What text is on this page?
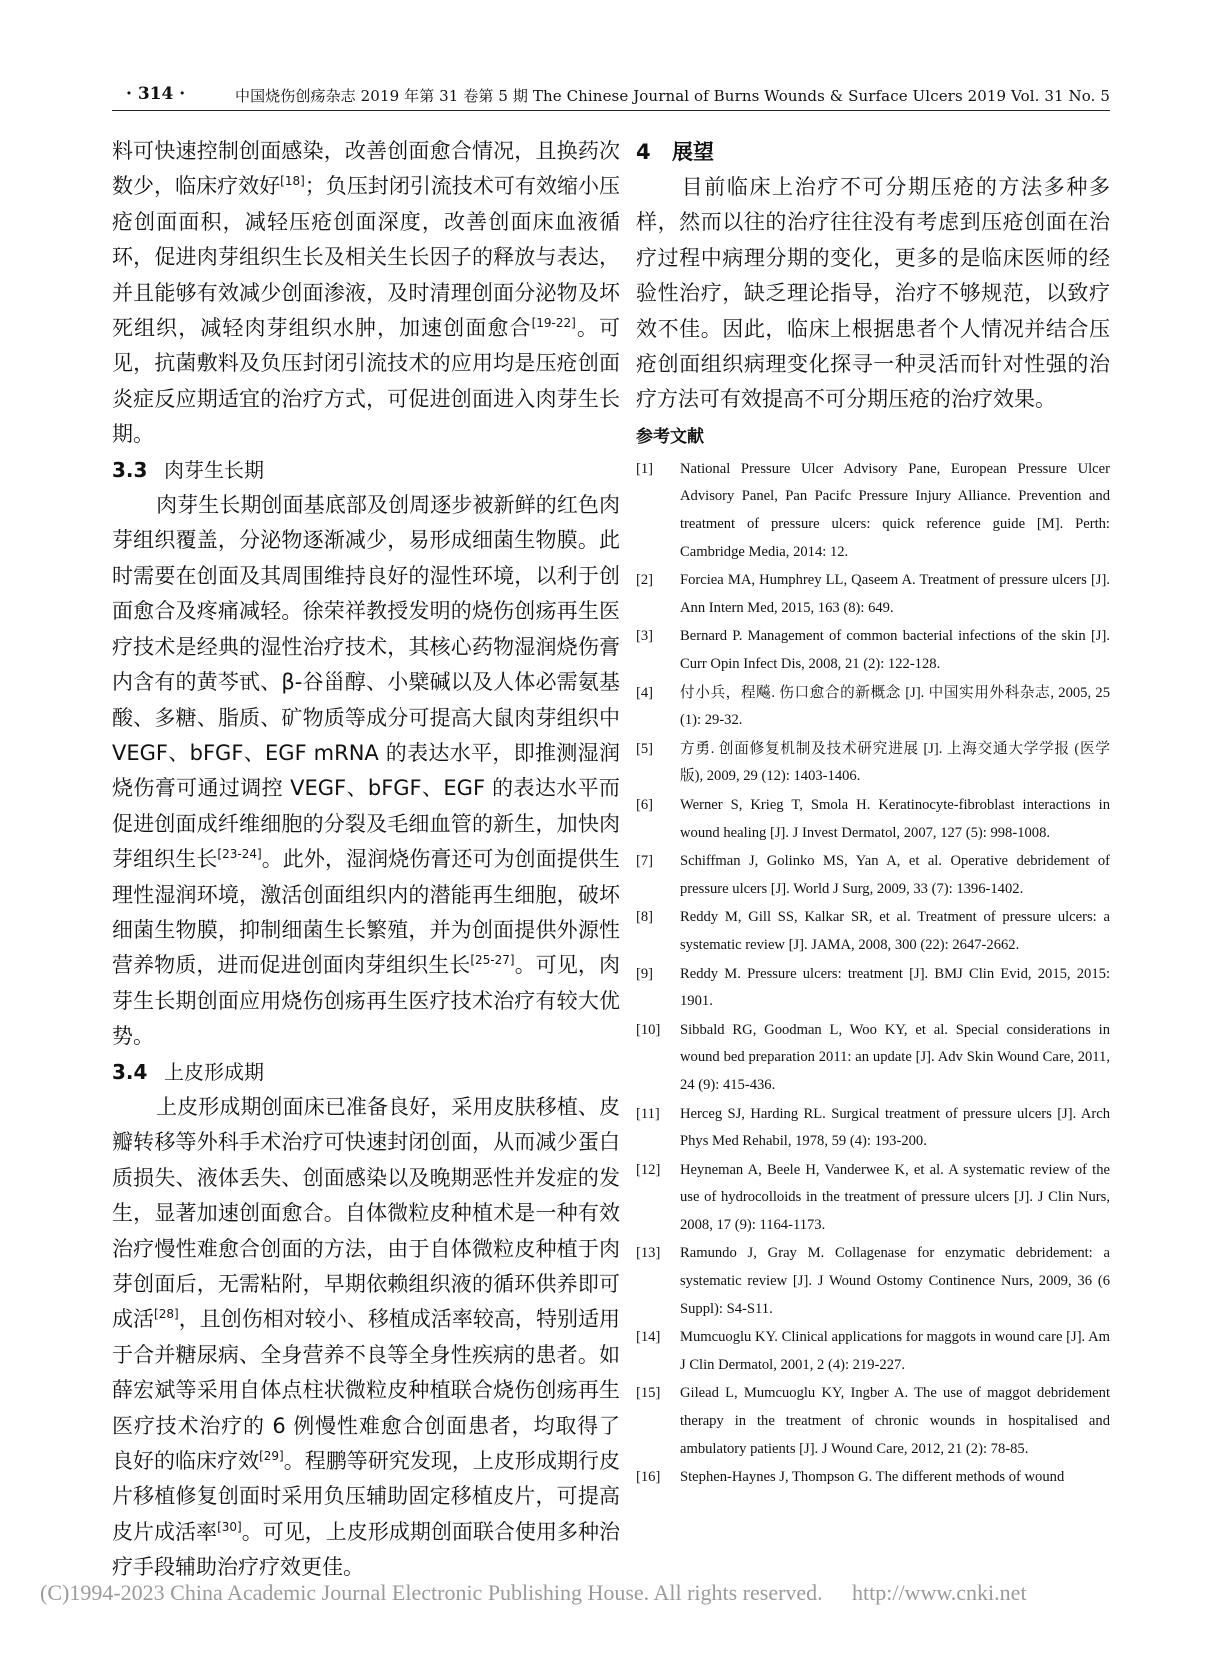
· 314 ·	中国烧伤创疡杂志 2019 年第 31 卷第 5 期 The Chinese Journal of Burns Wounds & Surface Ulcers 2019 Vol. 31 No. 5

料可快速控制创面感染，改善创面愈合情况，且换药次数少，临床疗效好[18]；负压封闭引流技术可有效缩小压疮创面面积，减轻压疮创面深度，改善创面床血液循环，促进肉芽组织生长及相关生长因子的释放与表达，并且能够有效减少创面渗液，及时清理创面分泌物及坏死组织，减轻肉芽组织水肿，加速创面愈合[19-22]。可见，抗菌敷料及负压封闭引流技术的应用均是压疮创面炎症反应期适宜的治疗方式，可促进创面进入肉芽生长期。

3.3 肉芽生长期

肉芽生长期创面基底部及创周逐步被新鲜的红色肉芽组织覆盖，分泌物逐渐减少，易形成细菌生物膜。此时需要在创面及其周围维持良好的湿性环境，以利于创面愈合及疼痛减轻。徐荣祥教授发明的烧伤创疡再生医疗技术是经典的湿性治疗技术，其核心药物湿润烧伤膏内含有的黄芩甙、β-谷甾醇、小檗碱以及人体必需氨基酸、多糖、脂质、矿物质等成分可提高大鼠肉芽组织中 VEGF、bFGF、EGF mRNA 的表达水平，即推测湿润烧伤膏可通过调控 VEGF、bFGF、EGF 的表达水平而促进创面成纤维细胞的分裂及毛细血管的新生，加快肉芽组织生长[23-24]。此外，湿润烧伤膏还可为创面提供生理性湿润环境，激活创面组织内的潜能再生细胞，破坏细菌生物膜，抑制细菌生长繁殖，并为创面提供外源性营养物质，进而促进创面肉芽组织生长[25-27]。可见，肉芽生长期创面应用烧伤创疡再生医疗技术治疗有较大优势。

3.4 上皮形成期

上皮形成期创面床已准备良好，采用皮肤移植、皮瓣转移等外科手术治疗可快速封闭创面，从而减少蛋白质损失、液体丢失、创面感染以及晚期恶性并发症的发生，显著加速创面愈合。自体微粒皮种植术是一种有效治疗慢性难愈合创面的方法，由于自体微粒皮种植于肉芽创面后，无需粘附，早期依赖组织液的循环供养即可成活[28]，且创伤相对较小、移植成活率较高，特别适用于合并糖尿病、全身营养不良等全身性疾病的患者。如薛宏斌等采用自体点柱状微粒皮种植联合烧伤创疡再生医疗技术治疗的 6 例慢性难愈合创面患者，均取得了良好的临床疗效[29]。程鹏等研究发现，上皮形成期行皮片移植修复创面时采用负压辅助固定移植皮片，可提高皮片成活率[30]。可见，上皮形成期创面联合使用多种治疗手段辅助治疗疗效更佳。

4 展望

目前临床上治疗不可分期压疮的方法多种多样，然而以往的治疗往往没有考虑到压疮创面在治疗过程中病理分期的变化，更多的是临床医师的经验性治疗，缺乏理论指导，治疗不够规范，以致疗效不佳。因此，临床上根据患者个人情况并结合压疮创面组织病理变化探寻一种灵活而针对性强的治疗方法可有效提高不可分期压疮的治疗效果。

参考文献
[1] National Pressure Ulcer Advisory Pane, European Pressure Ulcer Advisory Panel, Pan Pacifc Pressure Injury Alliance. Prevention and treatment of pressure ulcers: quick reference guide [M]. Perth: Cambridge Media, 2014: 12.
[2] Forciea MA, Humphrey LL, Qaseem A. Treatment of pressure ulcers [J]. Ann Intern Med, 2015, 163 (8): 649.
[3] Bernard P. Management of common bacterial infections of the skin [J]. Curr Opin Infect Dis, 2008, 21 (2): 122-128.
[4] 付小兵，程飚. 伤口愈合的新概念 [J]. 中国实用外科杂志, 2005, 25 (1): 29-32.
[5] 方勇. 创面修复机制及技术研究进展 [J]. 上海交通大学学报 (医学版), 2009, 29 (12): 1403-1406.
[6] Werner S, Krieg T, Smola H. Keratinocyte-fibroblast interactions in wound healing [J]. J Invest Dermatol, 2007, 127 (5): 998-1008.
[7] Schiffman J, Golinko MS, Yan A, et al. Operative debridement of pressure ulcers [J]. World J Surg, 2009, 33 (7): 1396-1402.
[8] Reddy M, Gill SS, Kalkar SR, et al. Treatment of pressure ulcers: a systematic review [J]. JAMA, 2008, 300 (22): 2647-2662.
[9] Reddy M. Pressure ulcers: treatment [J]. BMJ Clin Evid, 2015, 2015: 1901.
[10] Sibbald RG, Goodman L, Woo KY, et al. Special considerations in wound bed preparation 2011: an update [J]. Adv Skin Wound Care, 2011, 24 (9): 415-436.
[11] Herceg SJ, Harding RL. Surgical treatment of pressure ulcers [J]. Arch Phys Med Rehabil, 1978, 59 (4): 193-200.
[12] Heyneman A, Beele H, Vanderwee K, et al. A systematic review of the use of hydrocolloids in the treatment of pressure ulcers [J]. J Clin Nurs, 2008, 17 (9): 1164-1173.
[13] Ramundo J, Gray M. Collagenase for enzymatic debridement: a systematic review [J]. J Wound Ostomy Continence Nurs, 2009, 36 (6 Suppl): S4-S11.
[14] Mumcuoglu KY. Clinical applications for maggots in wound care [J]. Am J Clin Dermatol, 2001, 2 (4): 219-227.
[15] Gilead L, Mumcuoglu KY, Ingber A. The use of maggot debridement therapy in the treatment of chronic wounds in hospitalised and ambulatory patients [J]. J Wound Care, 2012, 21 (2): 78-85.
[16] Stephen-Haynes J, Thompson G. The different methods of wound
(C)1994-2023 China Academic Journal Electronic Publishing House. All rights reserved. http://www.cnki.net
